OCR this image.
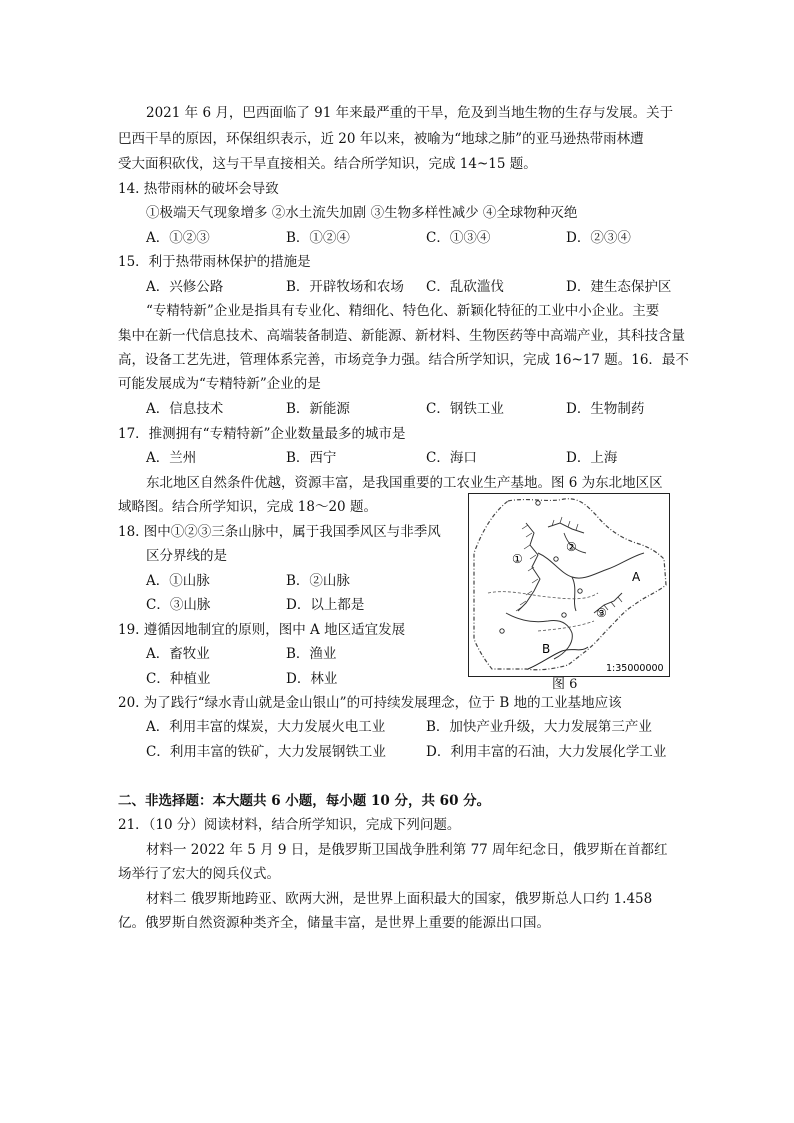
2021 年 6 月，巴西面临了 91 年来最严重的干旱，危及到当地生物的生存与发展。关于
巴西干旱的原因，环保组织表示，近 20 年以来，被喻为“地球之肺”的亚马逊热带雨林遭
受大面积砍伐，这与干旱直接相关。结合所学知识，完成 14~15 题。
14. 热带雨林的破坏会导致
①极端天气现象增多 ②水土流失加剧 ③生物多样性减少 ④全球物种灭绝
A．①②③	B．①②④	C．①③④	D．②③④
15．利于热带雨林保护的措施是
A．兴修公路	B．开辟牧场和农场 C．乱砍滥伐	D．建生态保护区
“专精特新”企业是指具有专业化、精细化、特色化、新颖化特征的工业中小企业。主要
集中在新一代信息技术、高端装备制造、新能源、新材料、生物医药等中高端产业，其科技含量
高，设备工艺先进，管理体系完善，市场竞争力强。结合所学知识，完成 16~17 题。16．最不
可能发展成为“专精特新”企业的是
A．信息技术	B．新能源	C．钢铁工业	D．生物制药
17．推测拥有“专精特新”企业数量最多的城市是
A．兰州	B．西宁	C．海口	D．上海
东北地区自然条件优越，资源丰富，是我国重要的工农业生产基地。图 6 为东北地区区
域略图。结合所学知识，完成 18～20 题。
18. 图中①②③三条山脉中，属于我国季风区与非季风
区分界线的是
A．①山脉	B．②山脉
C．③山脉	D．以上都是
19. 遵循因地制宜的原则，图中 A 地区适宜发展
A．畜牧业	B．渔业
C．种植业	D．林业
①
②
③
A
B
1:35000000
图 6
20. 为了践行“绿水青山就是金山银山”的可持续发展理念，位于 B 地的工业基地应该
A．利用丰富的煤炭，大力发展火电工业	B．加快产业升级，大力发展第三产业
C．利用丰富的铁矿，大力发展钢铁工业	D．利用丰富的石油，大力发展化学工业
二、非选择题：本大题共 6 小题，每小题 10 分，共 60 分。
21．（10 分）阅读材料，结合所学知识，完成下列问题。
材料一 2022 年 5 月 9 日，是俄罗斯卫国战争胜利第 77 周年纪念日，俄罗斯在首都红
场举行了宏大的阅兵仪式。
材料二 俄罗斯地跨亚、欧两大洲，是世界上面积最大的国家，俄罗斯总人口约 1.458
亿。俄罗斯自然资源种类齐全，储量丰富，是世界上重要的能源出口国。
